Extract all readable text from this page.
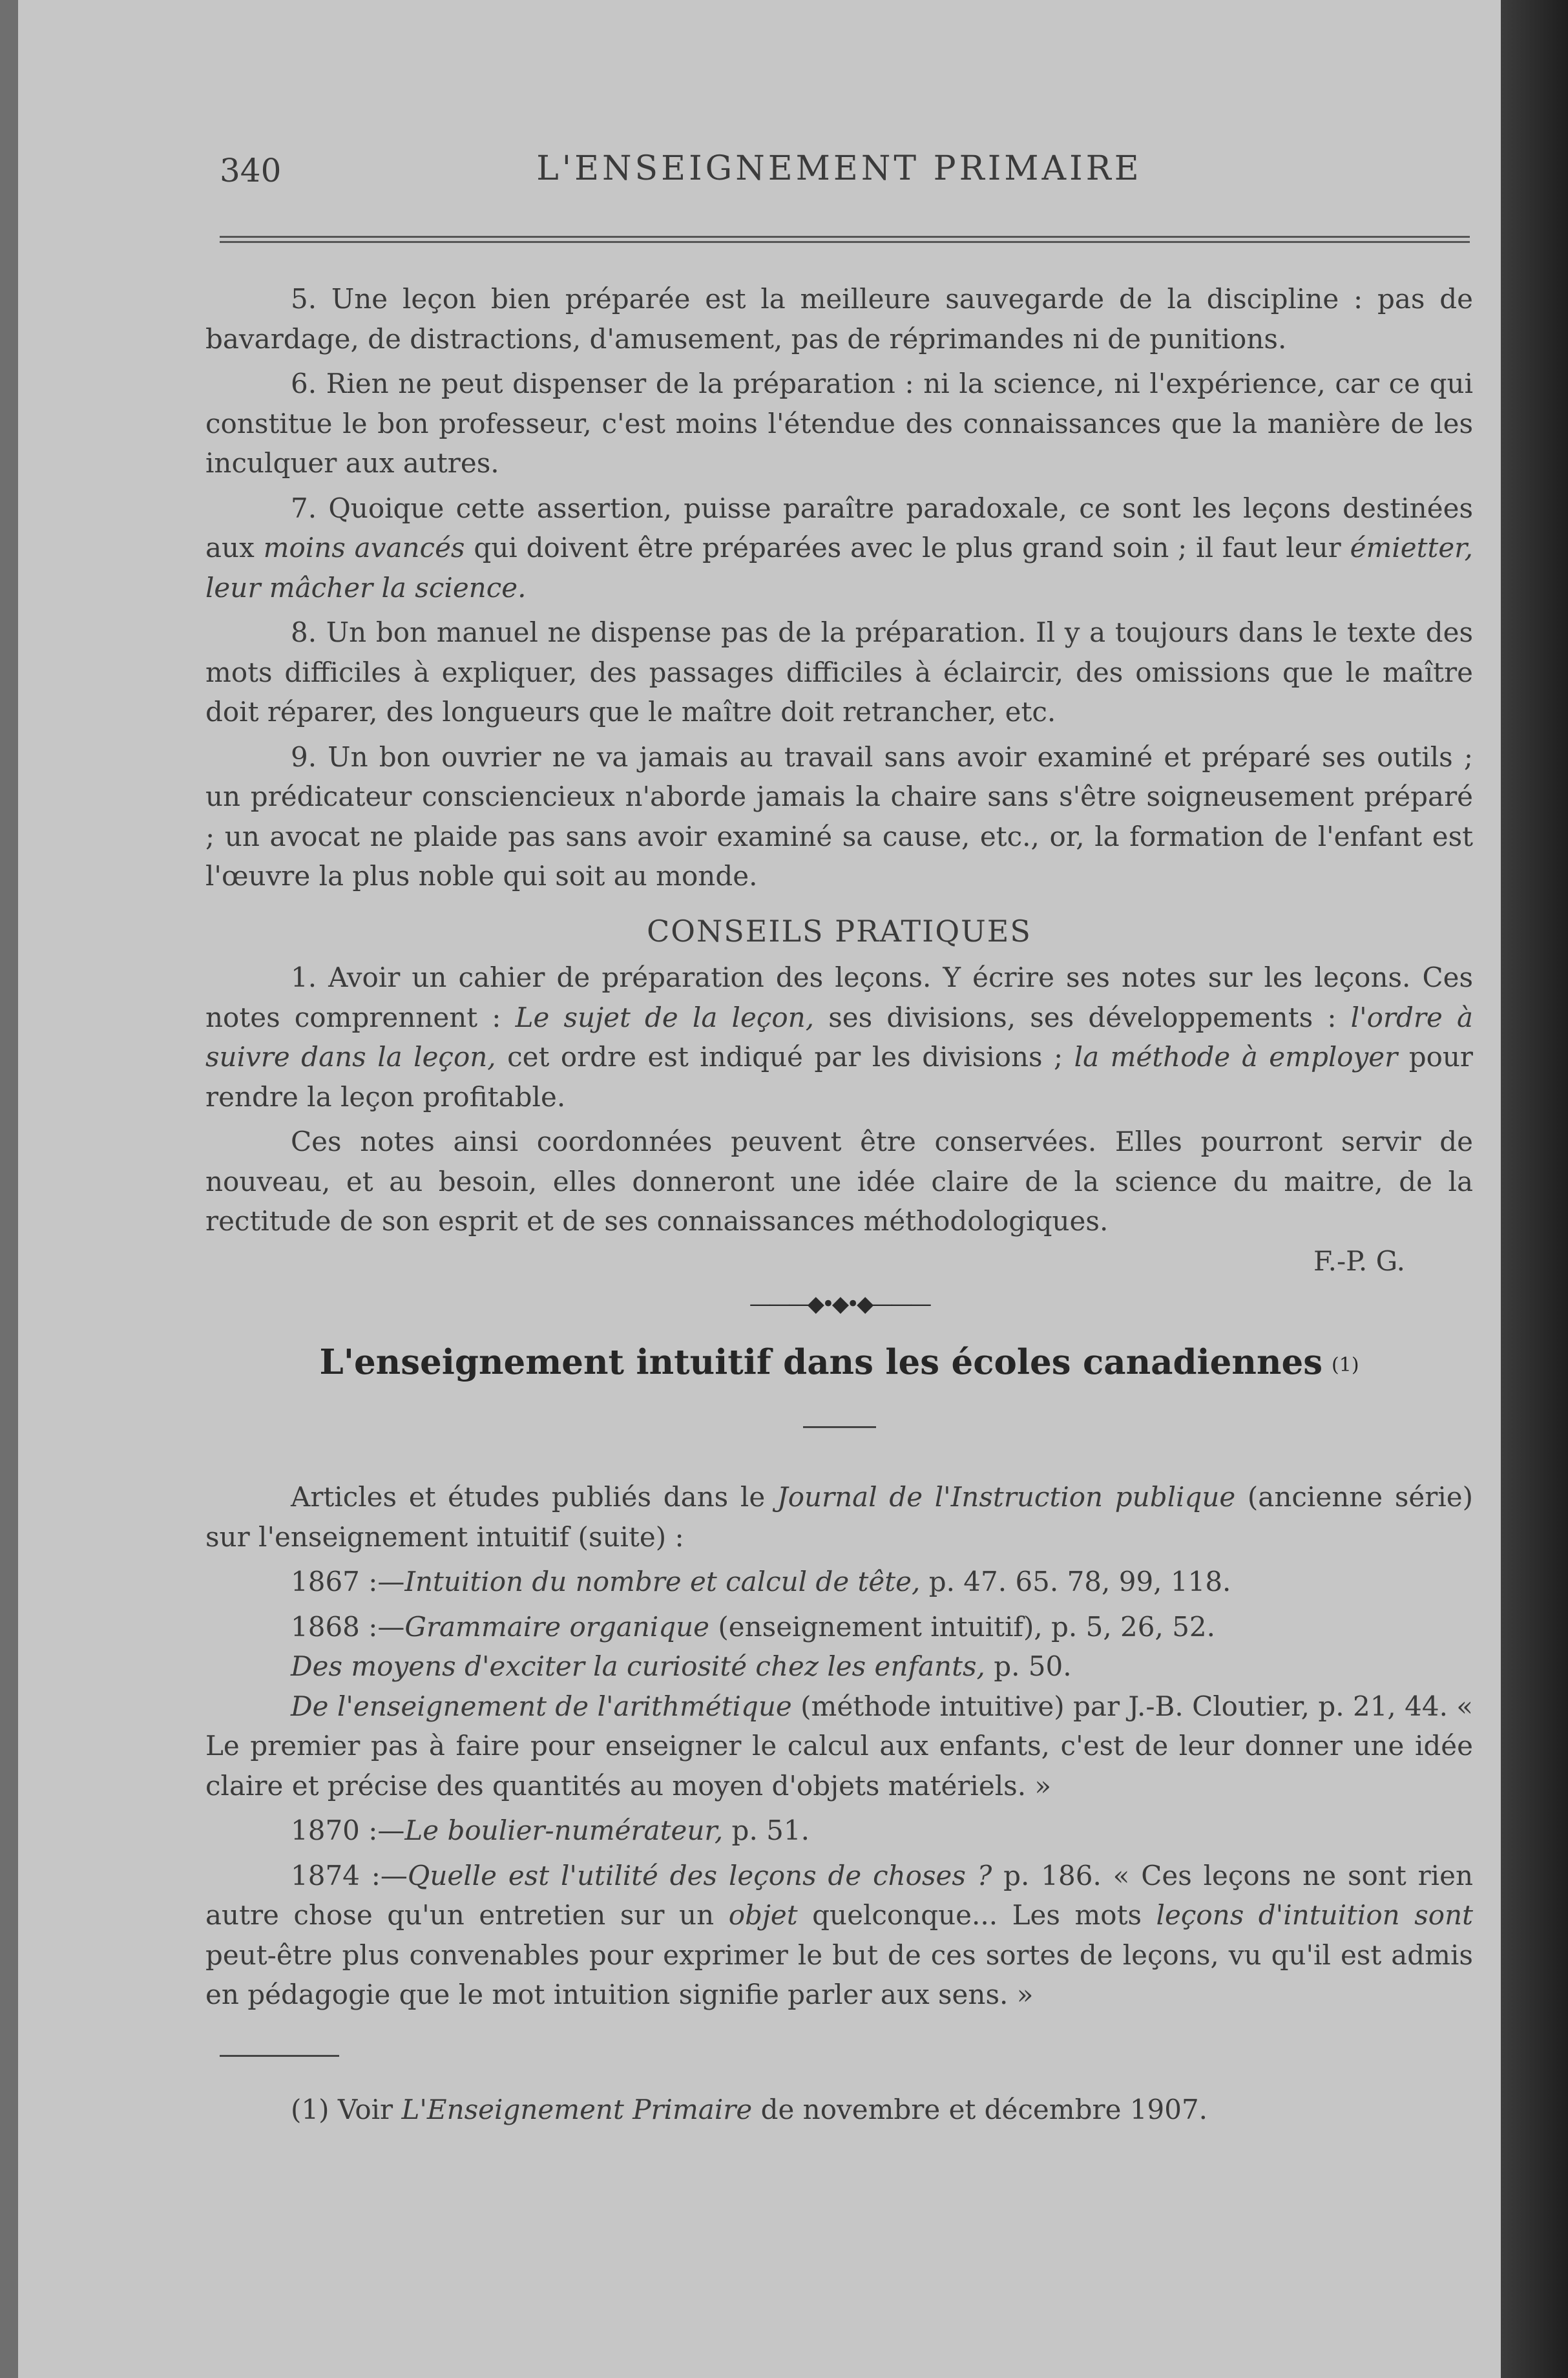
340	L'ENSEIGNEMENT PRIMAIRE

5. Une leçon bien préparée est la meilleure sauvegarde de la discipline : pas de bavardage, de distractions, d'amusement, pas de réprimandes ni de punitions.

6. Rien ne peut dispenser de la préparation : ni la science, ni l'expérience, car ce qui constitue le bon professeur, c'est moins l'étendue des connaissances que la manière de les inculquer aux autres.

7. Quoique cette assertion, puisse paraître paradoxale, ce sont les leçons destinées aux moins avancés qui doivent être préparées avec le plus grand soin ; il faut leur émietter, leur mâcher la science.

8. Un bon manuel ne dispense pas de la préparation. Il y a toujours dans le texte des mots difficiles à expliquer, des passages difficiles à éclaircir, des omissions que le maître doit réparer, des longueurs que le maître doit retrancher, etc.

9. Un bon ouvrier ne va jamais au travail sans avoir examiné et préparé ses outils ; un prédicateur consciencieux n'aborde jamais la chaire sans s'être soigneusement préparé ; un avocat ne plaide pas sans avoir examiné sa cause, etc., or, la formation de l'enfant est l'œuvre la plus noble qui soit au monde.

CONSEILS PRATIQUES

1. Avoir un cahier de préparation des leçons. Y écrire ses notes sur les leçons. Ces notes comprennent : Le sujet de la leçon, ses divisions, ses développements : l'ordre à suivre dans la leçon, cet ordre est indiqué par les divisions ; la méthode à employer pour rendre la leçon profitable.

Ces notes ainsi coordonnées peuvent être conservées. Elles pourront servir de nouveau, et au besoin, elles donneront une idée claire de la science du maitre, de la rectitude de son esprit et de ses connaissances méthodologiques.

F.-P. G.

———◆•◆•◆———

L'enseignement intuitif dans les écoles canadiennes (1)

Articles et études publiés dans le Journal de l'Instruction publique (ancienne série) sur l'enseignement intuitif (suite) :

1867 :—Intuition du nombre et calcul de tête, p. 47. 65. 78, 99, 118.

1868 :—Grammaire organique (enseignement intuitif), p. 5, 26, 52.

Des moyens d'exciter la curiosité chez les enfants, p. 50.

De l'enseignement de l'arithmétique (méthode intuitive) par J.-B. Cloutier, p. 21, 44. « Le premier pas à faire pour enseigner le calcul aux enfants, c'est de leur donner une idée claire et précise des quantités au moyen d'objets matériels. »

1870 :—Le boulier-numérateur, p. 51.

1874 :—Quelle est l'utilité des leçons de choses ? p. 186. « Ces leçons ne sont rien autre chose qu'un entretien sur un objet quelconque... Les mots leçons d'intuition sont peut-être plus convenables pour exprimer le but de ces sortes de leçons, vu qu'il est admis en pédagogie que le mot intuition signifie parler aux sens. »

(1) Voir L'Enseignement Primaire de novembre et décembre 1907.
